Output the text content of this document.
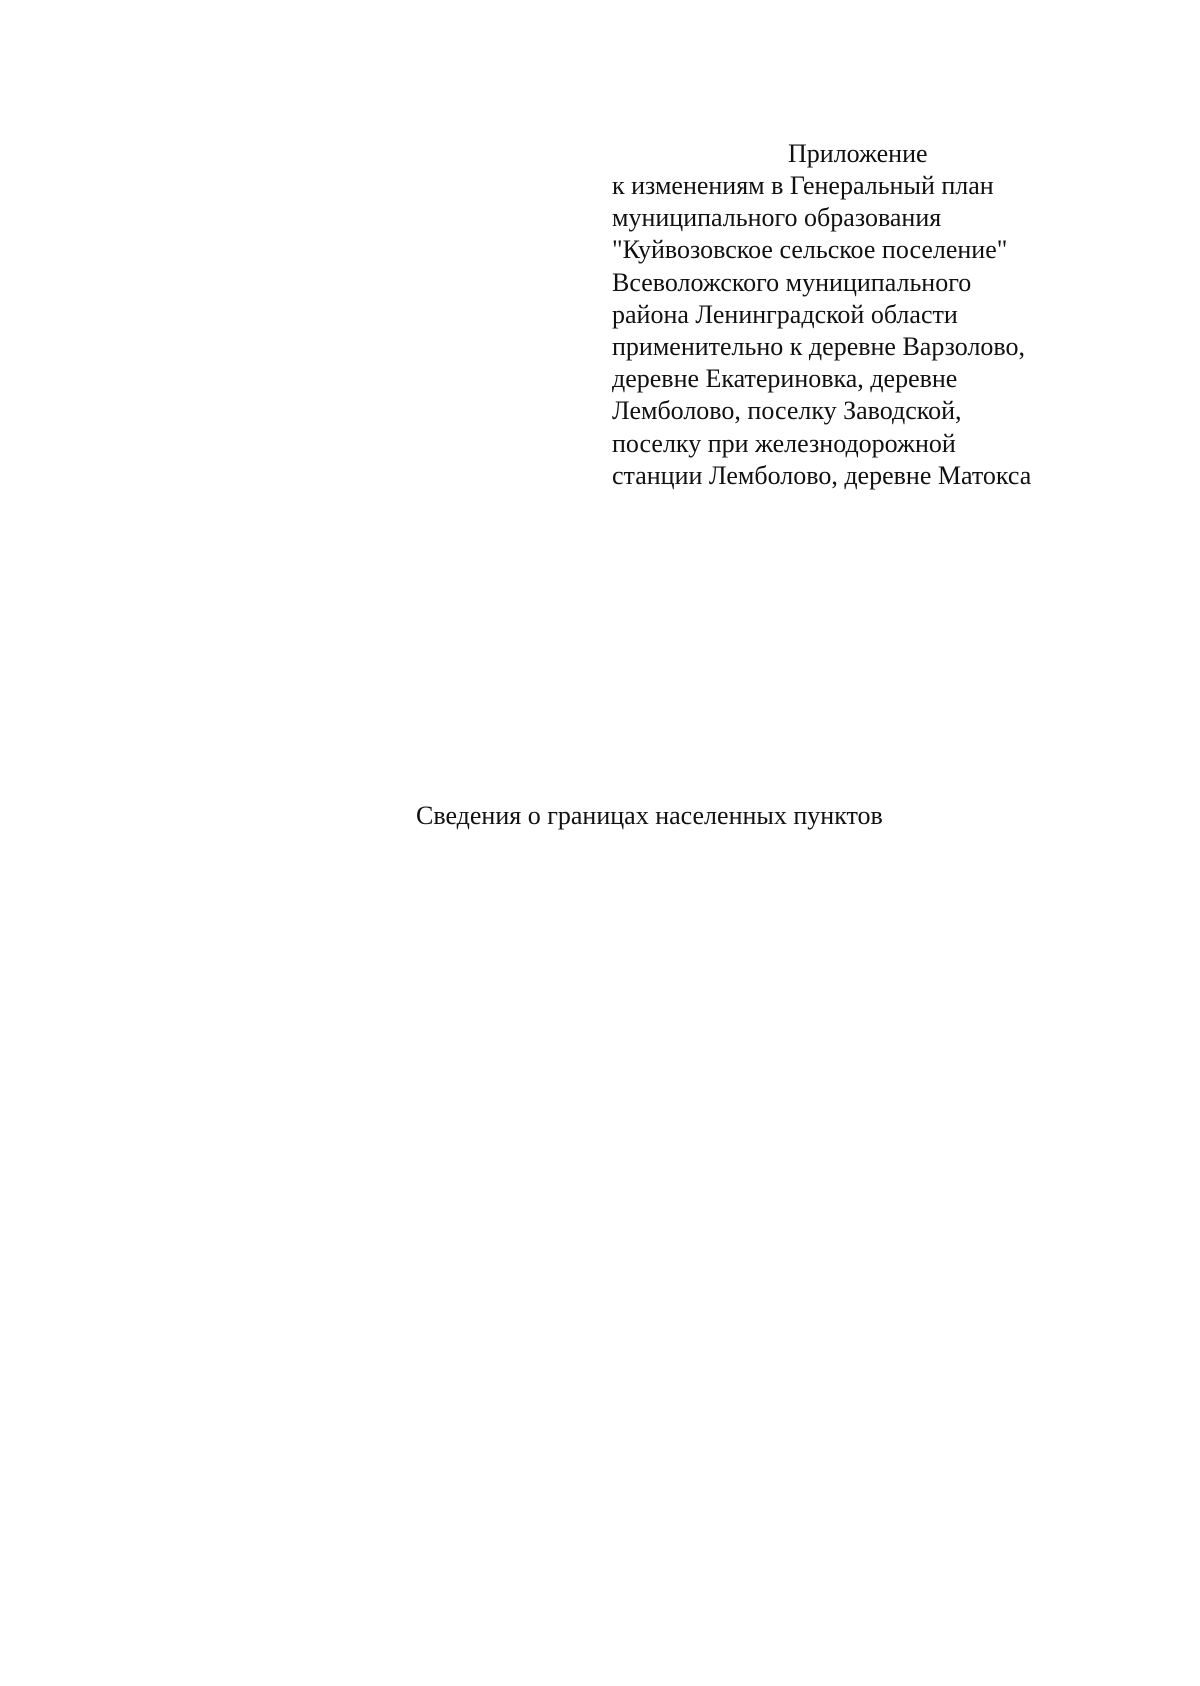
Приложение

к изменениям в Генеральный план
муниципального образования
"Куйвозовское сельское поселение"
Всеволожского муниципального
района Ленинградской области
применительно к деревне Варзолово,
деревне Екатериновка, деревне
Лемболово, поселку Заводской,
поселку при железнодорожной
станции Лемболово, деревне Матокса
Сведения о границах населенных пунктов
